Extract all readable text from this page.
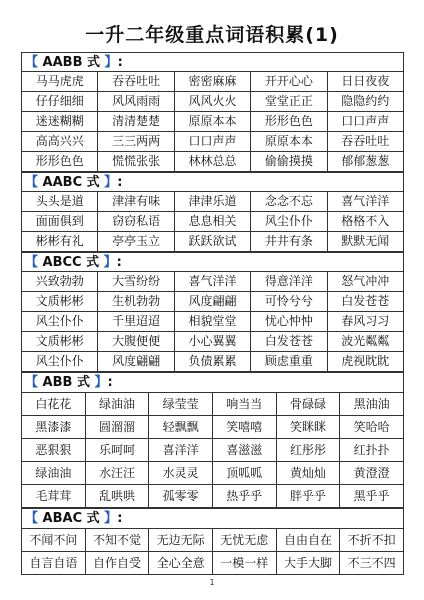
一升二年级重点词语积累(1)
【 AABB 式 】:
马马虎虎	吞吞吐吐	密密麻麻	开开心心	日日夜夜
仔仔细细	风风雨雨	风风火火	堂堂正正	隐隐约约
迷迷糊糊	清清楚楚	原原本本	形形色色	口口声声
高高兴兴	三三两两	口口声声	原原本本	吞吞吐吐
形形色色	慌慌张张	林林总总	偷偷摸摸	郁郁葱葱
【 AABC 式 】:
头头是道	津津有味	津津乐道	念念不忘	喜气洋洋
面面俱到	窃窃私语	息息相关	风尘仆仆	格格不入
彬彬有礼	亭亭玉立	跃跃欲试	井井有条	默默无闻
【 ABCC 式 】:
兴致勃勃	大雪纷纷	喜气洋洋	得意洋洋	怒气冲冲
文质彬彬	生机勃勃	风度翩翩	可怜兮兮	白发苍苍
风尘仆仆	千里迢迢	相貌堂堂	忧心忡忡	春风习习
文质彬彬	大腹便便	小心翼翼	白发苍苍	波光粼粼
风尘仆仆	风度翩翩	负债累累	顾虑重重	虎视眈眈
【 ABB 式 】:
白花花	绿油油	绿莹莹	响当当	骨碌碌	黑油油
黑漆漆	圆溜溜	轻飘飘	笑嘻嘻	笑眯眯	笑哈哈
恶狠狠	乐呵呵	喜洋洋	喜滋滋	红彤彤	红扑扑
绿油油	水汪汪	水灵灵	顶呱呱	黄灿灿	黄澄澄
毛茸茸	乱哄哄	孤零零	热乎乎	胖乎乎	黑乎乎
【 ABAC 式 】:
不闻不问	不知不觉	无边无际	无忧无虑	自由自在	不折不扣
自言自语	自作自受	全心全意	一模一样	大手大脚	不三不四
1
